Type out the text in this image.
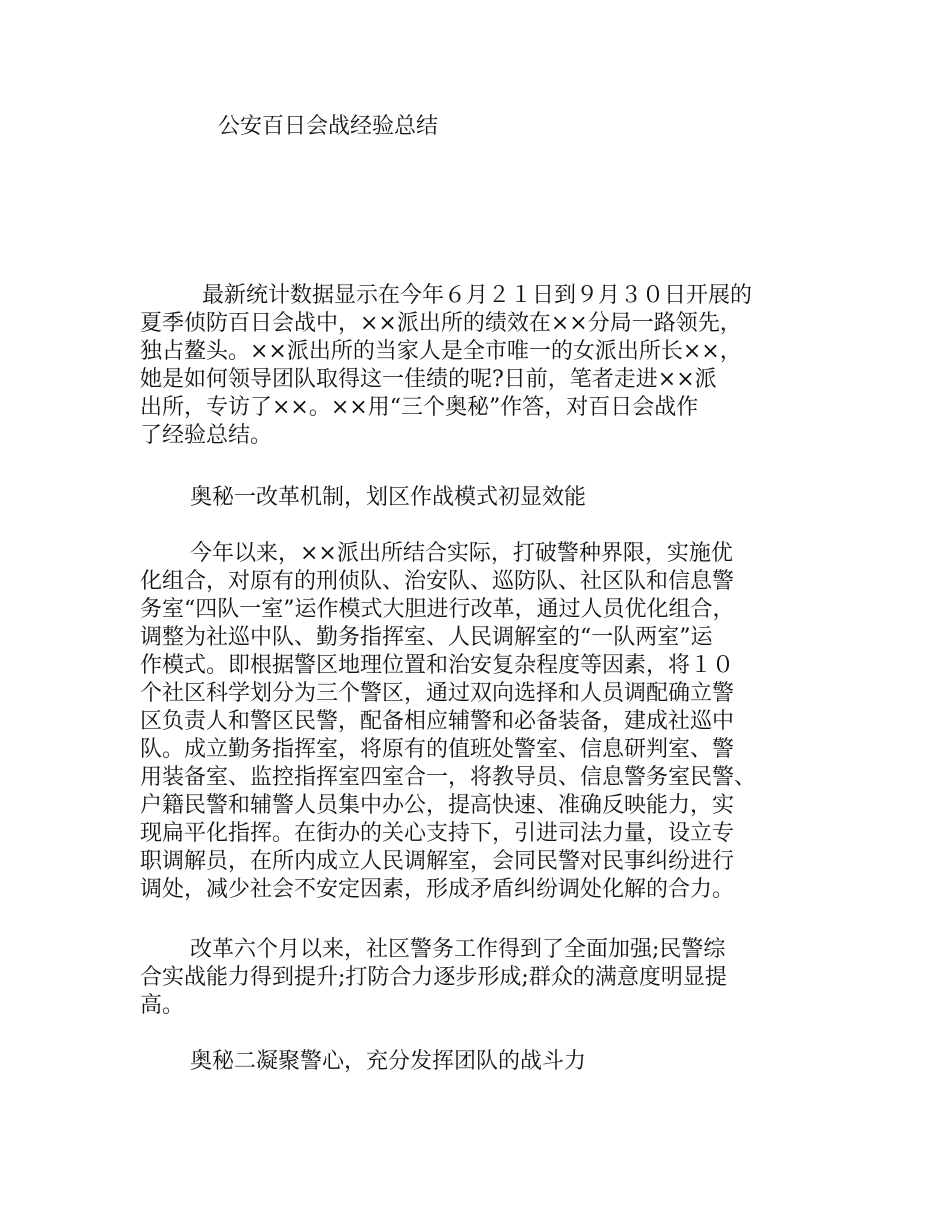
公安百日会战经验总结

最新统计数据显示在今年６月２１日到９月３０日开展的
夏季侦防百日会战中，××派出所的绩效在××分局一路领先，
独占鳌头。××派出所的当家人是全市唯一的女派出所长××，
她是如何领导团队取得这一佳绩的呢?日前，笔者走进××派
出所，专访了××。××用“三个奥秘”作答，对百日会战作
了经验总结。

奥秘一改革机制，划区作战模式初显效能

今年以来，××派出所结合实际，打破警种界限，实施优
化组合，对原有的刑侦队、治安队、巡防队、社区队和信息警
务室“四队一室”运作模式大胆进行改革，通过人员优化组合，
调整为社巡中队、勤务指挥室、人民调解室的“一队两室”运
作模式。即根据警区地理位置和治安复杂程度等因素，将１０
个社区科学划分为三个警区，通过双向选择和人员调配确立警
区负责人和警区民警，配备相应辅警和必备装备，建成社巡中
队。成立勤务指挥室，将原有的值班处警室、信息研判室、警
用装备室、监控指挥室四室合一，将教导员、信息警务室民警、
户籍民警和辅警人员集中办公，提高快速、准确反映能力，实
现扁平化指挥。在街办的关心支持下，引进司法力量，设立专
职调解员，在所内成立人民调解室，会同民警对民事纠纷进行
调处，减少社会不安定因素，形成矛盾纠纷调处化解的合力。

改革六个月以来，社区警务工作得到了全面加强;民警综
合实战能力得到提升;打防合力逐步形成;群众的满意度明显提
高。

奥秘二凝聚警心，充分发挥团队的战斗力
